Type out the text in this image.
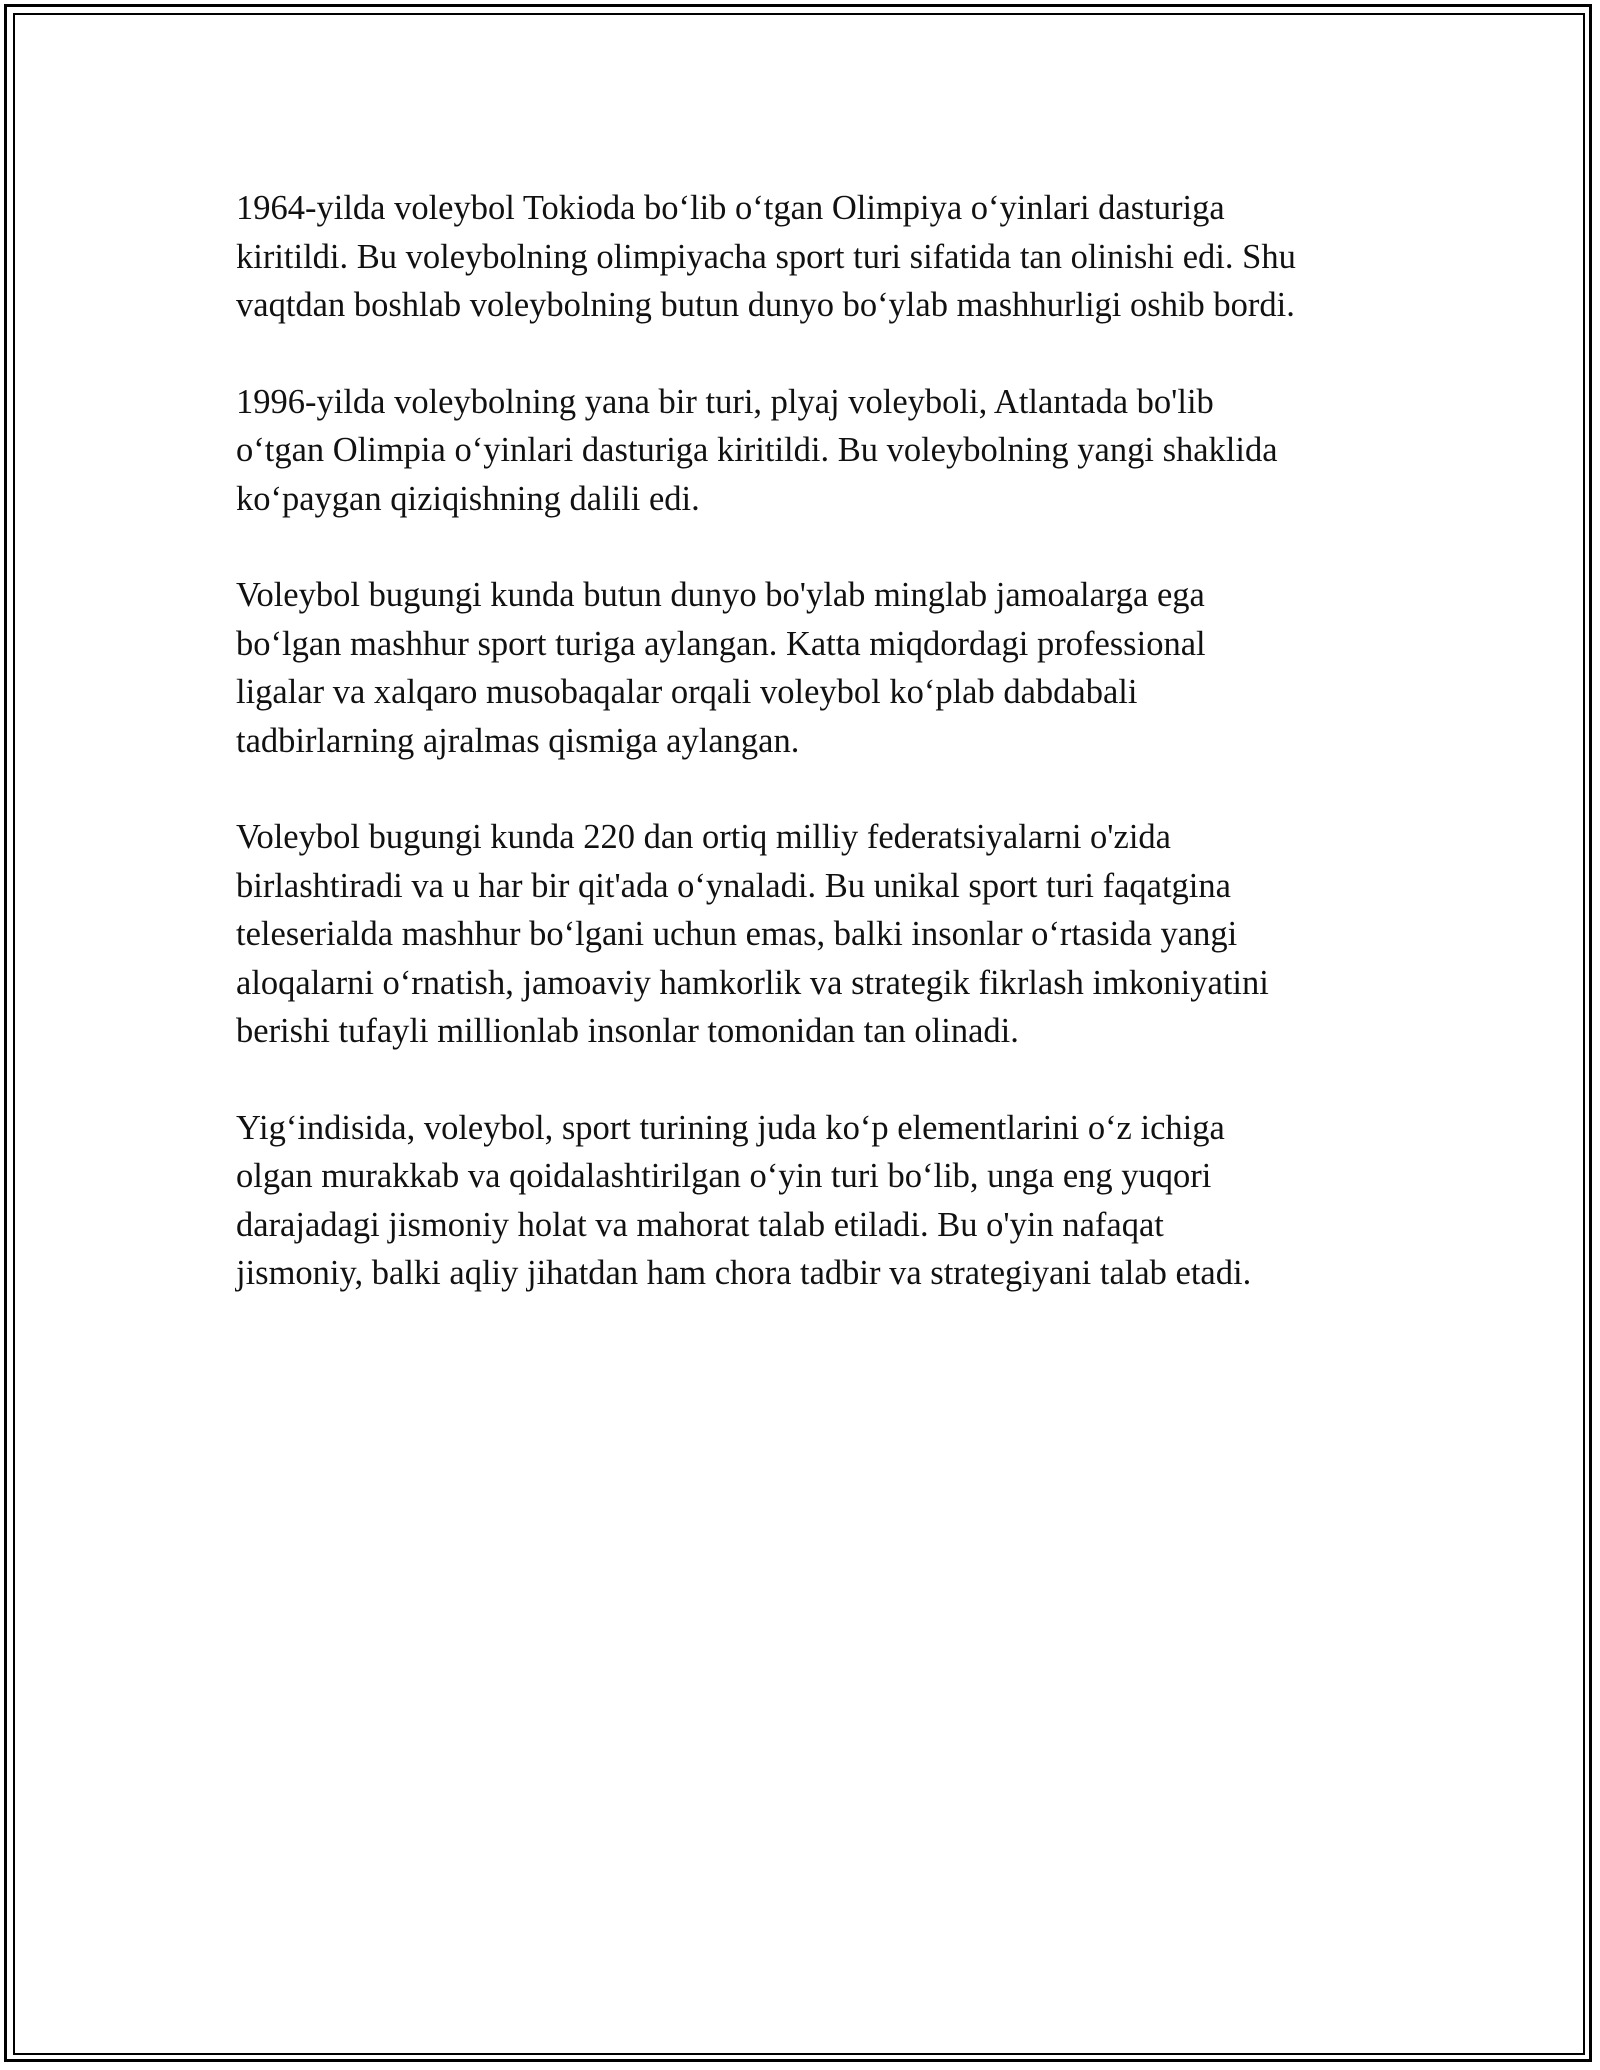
1964-yilda voleybol Tokioda bo‘lib o‘tgan Olimpiya o‘yinlari dasturiga
kiritildi. Bu voleybolning olimpiyacha sport turi sifatida tan olinishi edi. Shu
vaqtdan boshlab voleybolning butun dunyo bo‘ylab mashhurligi oshib bordi.

1996-yilda voleybolning yana bir turi, plyaj voleyboli, Atlantada bo'lib
o‘tgan Olimpia o‘yinlari dasturiga kiritildi. Bu voleybolning yangi shaklida
ko‘paygan qiziqishning dalili edi.

Voleybol bugungi kunda butun dunyo bo'ylab minglab jamoalarga ega
bo‘lgan mashhur sport turiga aylangan. Katta miqdordagi professional
ligalar va xalqaro musobaqalar orqali voleybol ko‘plab dabdabali
tadbirlarning ajralmas qismiga aylangan.

Voleybol bugungi kunda 220 dan ortiq milliy federatsiyalarni o'zida
birlashtiradi va u har bir qit'ada o‘ynaladi. Bu unikal sport turi faqatgina
teleserialda mashhur bo‘lgani uchun emas, balki insonlar o‘rtasida yangi
aloqalarni o‘rnatish, jamoaviy hamkorlik va strategik fikrlash imkoniyatini
berishi tufayli millionlab insonlar tomonidan tan olinadi.

Yig‘indisida, voleybol, sport turining juda ko‘p elementlarini o‘z ichiga
olgan murakkab va qoidalashtirilgan o‘yin turi bo‘lib, unga eng yuqori
darajadagi jismoniy holat va mahorat talab etiladi. Bu o'yin nafaqat
jismoniy, balki aqliy jihatdan ham chora tadbir va strategiyani talab etadi.
